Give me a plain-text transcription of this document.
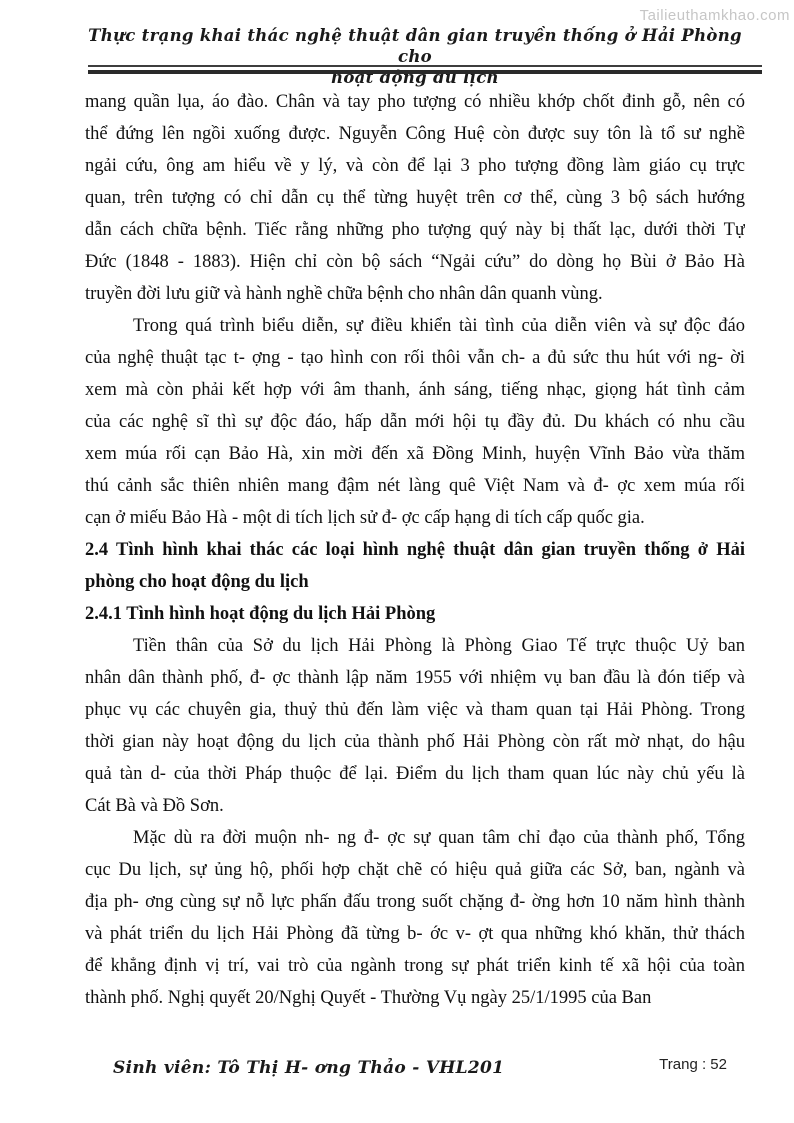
Tailieuthamkhao.com
Thực trạng khai thác nghệ thuật dân gian truyền thống ở Hải Phòng cho
hoạt động du lịch
mang quần lụa, áo đào. Chân và tay pho tượng có nhiều khớp chốt đinh gỗ, nên có
thể đứng lên ngồi xuống được. Nguyễn Công Huệ còn được suy tôn là tổ sư nghề
ngải cứu, ông am hiểu về y lý, và còn để lại 3 pho tượng đồng làm giáo cụ trực
quan, trên tượng có chỉ dẫn cụ thể từng huyệt trên cơ thể, cùng 3 bộ sách hướng
dẫn cách chữa bệnh. Tiếc rằng những pho tượng quý này bị thất lạc, dưới thời Tự
Đức (1848 - 1883). Hiện chỉ còn bộ sách “Ngải cứu” do dòng họ Bùi ở Bảo Hà
truyền đời lưu giữ và hành nghề chữa bệnh cho nhân dân quanh vùng.
Trong quá trình biểu diễn, sự điều khiển tài tình của diễn viên và sự độc đáo
của nghệ thuật tạc t- ợng - tạo hình con rối thôi vẫn ch- a đủ sức thu hút với ng- ời
xem mà còn phải kết hợp với âm thanh, ánh sáng, tiếng nhạc, giọng hát tình cảm
của các nghệ sĩ thì sự độc đáo, hấp dẫn mới hội tụ đầy đủ. Du khách có nhu cầu
xem múa rối cạn Bảo Hà, xin mời đến xã Đồng Minh, huyện Vĩnh Bảo vừa thăm
thú cảnh sắc thiên nhiên mang đậm nét làng quê Việt Nam và đ- ợc xem múa rối
cạn ở miếu Bảo Hà - một di tích lịch sử đ- ợc cấp hạng di tích cấp quốc gia.
2.4 Tình hình khai thác các loại hình nghệ thuật dân gian truyền thống ở Hải
phòng cho hoạt động du lịch
2.4.1 Tình hình hoạt động du lịch Hải Phòng
Tiền thân của Sở du lịch Hải Phòng là Phòng Giao Tế trực thuộc Uỷ ban
nhân dân thành phố, đ- ợc thành lập năm 1955 với nhiệm vụ ban đầu là đón tiếp và
phục vụ các chuyên gia, thuỷ thủ đến làm việc và tham quan tại Hải Phòng. Trong
thời gian này hoạt động du lịch của thành phố Hải Phòng còn rất mờ nhạt, do hậu
quả tàn d- của thời Pháp thuộc để lại. Điểm du lịch tham quan lúc này chủ yếu là
Cát Bà và Đồ Sơn.
Mặc dù ra đời muộn nh- ng đ- ợc sự quan tâm chỉ đạo của thành phố, Tổng
cục Du lịch, sự ủng hộ, phối hợp chặt chẽ có hiệu quả giữa các Sở, ban, ngành và
địa ph- ơng cùng sự nỗ lực phấn đấu trong suốt chặng đ- ờng hơn 10 năm hình thành
và phát triển du lịch Hải Phòng đã từng b- ớc v- ợt qua những khó khăn, thử thách
để khẳng định vị trí, vai trò của ngành trong sự phát triển kinh tế xã hội của toàn
thành phố. Nghị quyết 20/Nghị Quyết - Thường Vụ ngày 25/1/1995 của Ban
Sinh viên: Tô Thị H- ơng Thảo - VHL201	Trang : 52
